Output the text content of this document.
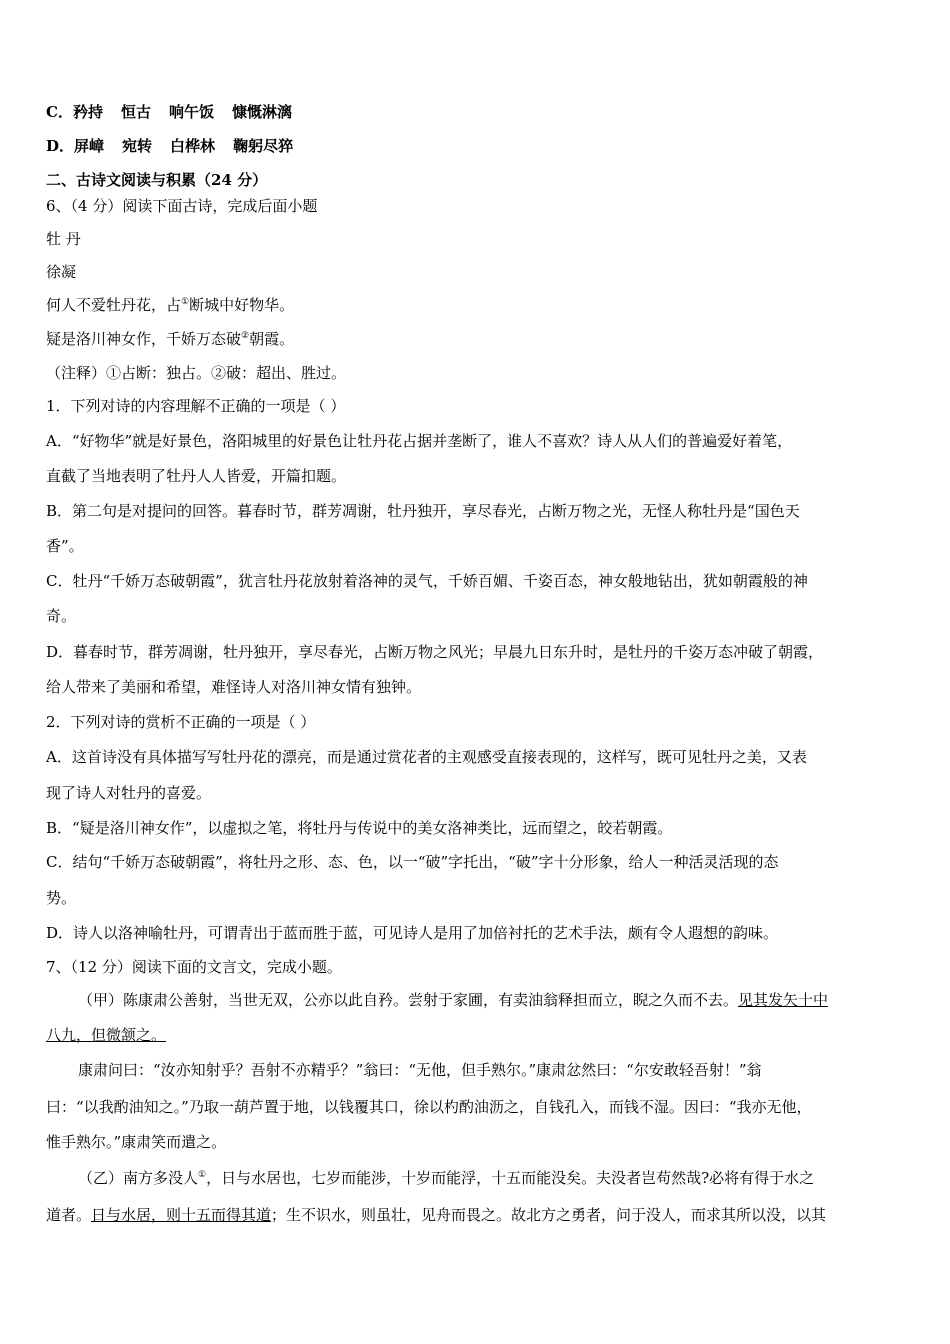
C．矜持 恒古 响午饭 慷慨淋漓
D．屏嶂 宛转 白桦林 鞠躬尽猝
二、古诗文阅读与积累（24 分）
6、（4 分）阅读下面古诗，完成后面小题
牡 丹
徐凝
何人不爱牡丹花，占①断城中好物华。
疑是洛川神女作，千娇万态破②朝霞。
（注释）①占断：独占。②破：超出、胜过。
1．下列对诗的内容理解不正确的一项是（ ）
A．“好物华”就是好景色，洛阳城里的好景色让牡丹花占据并垄断了，谁人不喜欢？诗人从人们的普遍爱好着笔，
直截了当地表明了牡丹人人皆爱，开篇扣题。
B．第二句是对提问的回答。暮春时节，群芳凋谢，牡丹独开，享尽春光，占断万物之光，无怪人称牡丹是“国色天
香”。
C．牡丹“千娇万态破朝霞”，犹言牡丹花放射着洛神的灵气，千娇百媚、千姿百态，神女般地钻出，犹如朝霞般的神
奇。
D．暮春时节，群芳凋谢，牡丹独开，享尽春光，占断万物之风光；早晨九日东升时，是牡丹的千姿万态冲破了朝霞，
给人带来了美丽和希望，难怪诗人对洛川神女情有独钟。
2．下列对诗的赏析不正确的一项是（ ）
A．这首诗没有具体描写写牡丹花的漂亮，而是通过赏花者的主观感受直接表现的，这样写，既可见牡丹之美，又表
现了诗人对牡丹的喜爱。
B．“疑是洛川神女作”，以虚拟之笔，将牡丹与传说中的美女洛神类比，远而望之，皎若朝霞。
C．结句“千娇万态破朝霞”，将牡丹之形、态、色，以一“破”字托出，“破”字十分形象，给人一种活灵活现的态
势。
D．诗人以洛神喻牡丹，可谓青出于蓝而胜于蓝，可见诗人是用了加倍衬托的艺术手法，颇有令人遐想的韵味。
7、（12 分）阅读下面的文言文，完成小题。
（甲）陈康肃公善射，当世无双，公亦以此自矜。尝射于家圃，有卖油翁释担而立，睨之久而不去。见其发矢十中
八九，但微颔之。
康肃问曰：“汝亦知射乎？吾射不亦精乎？”翁曰：“无他，但手熟尔。”康肃忿然曰：“尔安敢轻吾射！”翁
曰：“以我酌油知之。”乃取一葫芦置于地，以钱覆其口，徐以杓酌油沥之，自钱孔入，而钱不湿。因曰：“我亦无他，
惟手熟尔。”康肃笑而遣之。
（乙）南方多没人①，日与水居也，七岁而能涉，十岁而能浮，十五而能没矣。夫没者岂苟然哉?必将有得于水之
道者。日与水居，则十五而得其道；生不识水，则虽壮，见舟而畏之。故北方之勇者，问于没人，而求其所以没，以其
